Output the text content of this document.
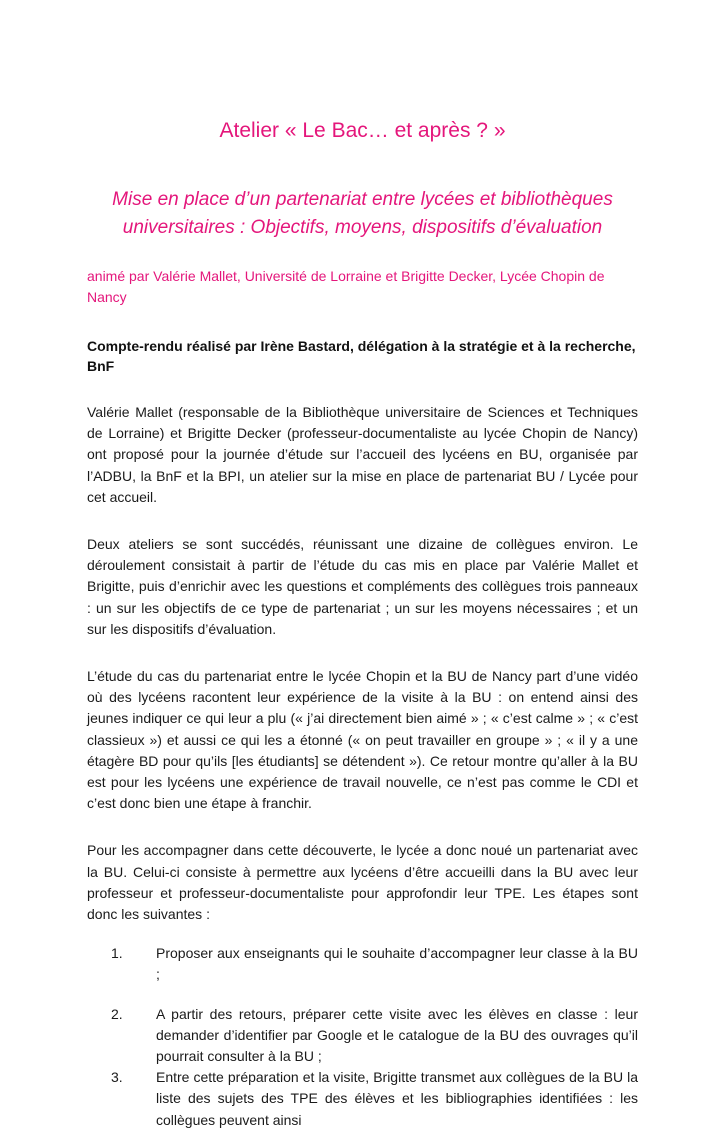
Atelier « Le Bac… et après ? »
Mise en place d’un partenariat entre lycées et bibliothèques universitaires : Objectifs, moyens, dispositifs d’évaluation

animé par Valérie Mallet, Université de Lorraine et Brigitte Decker, Lycée Chopin de Nancy

Compte-rendu réalisé par Irène Bastard, délégation à la stratégie et à la recherche, BnF

Valérie Mallet (responsable de la Bibliothèque universitaire de Sciences et Techniques de Lorraine) et Brigitte Decker (professeur-documentaliste au lycée Chopin de Nancy) ont proposé pour la journée d’étude sur l’accueil des lycéens en BU, organisée par l’ADBU, la BnF et la BPI, un atelier sur la mise en place de partenariat BU / Lycée pour cet accueil.

Deux ateliers se sont succédés, réunissant une dizaine de collègues environ. Le déroulement consistait à partir de l’étude du cas mis en place par Valérie Mallet et Brigitte, puis d’enrichir avec les questions et compléments des collègues trois panneaux : un sur les objectifs de ce type de partenariat ; un sur les moyens nécessaires ; et un sur les dispositifs d’évaluation.

L’étude du cas du partenariat entre le lycée Chopin et la BU de Nancy part d’une vidéo où des lycéens racontent leur expérience de la visite à la BU : on entend ainsi des jeunes indiquer ce qui leur a plu (« j’ai directement bien aimé » ; « c’est calme » ; « c’est classieux ») et aussi ce qui les a étonné (« on peut travailler en groupe » ; « il y a une étagère BD pour qu’ils [les étudiants] se détendent »). Ce retour montre qu’aller à la BU est pour les lycéens une expérience de travail nouvelle, ce n’est pas comme le CDI et c’est donc bien une étape à franchir.

Pour les accompagner dans cette découverte, le lycée a donc noué un partenariat avec la BU. Celui-ci consiste à permettre aux lycéens d’être accueilli dans la BU avec leur professeur et professeur-documentaliste pour approfondir leur TPE. Les étapes sont donc les suivantes :

1.	Proposer aux enseignants qui le souhaite d’accompagner leur classe à la BU ;
2.	A partir des retours, préparer cette visite avec les élèves en classe : leur demander d’identifier par Google et le catalogue de la BU des ouvrages qu’il pourrait consulter à la BU ;
3.	Entre cette préparation et la visite, Brigitte transmet aux collègues de la BU la liste des sujets des TPE des élèves et les bibliographies identifiées : les collègues peuvent ainsi
